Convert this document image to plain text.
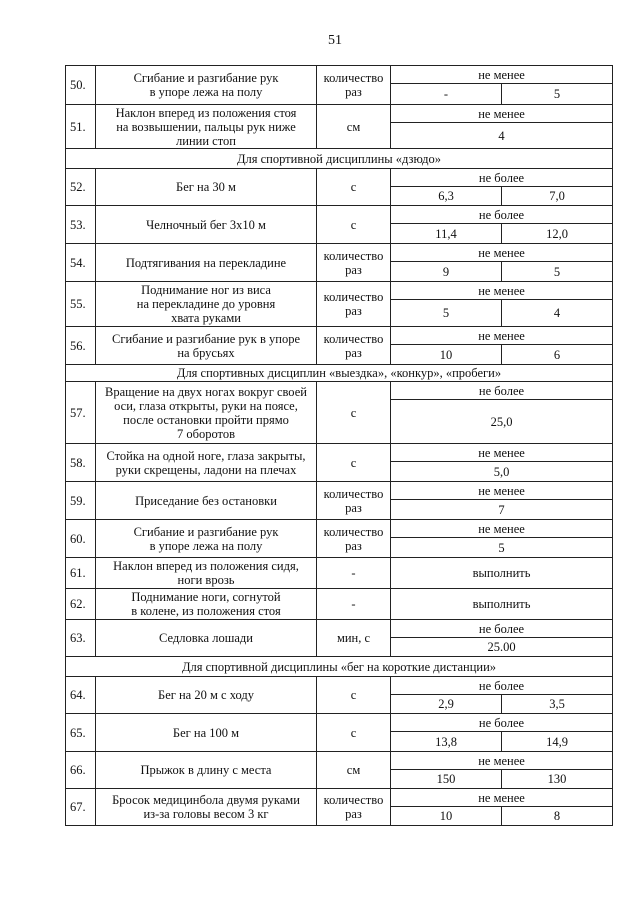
51
50.	Сгибание и разгибание рук
в упоре лежа на полу	количество
раз	не менее	
			-	5
51.	Наклон вперед из положения стоя
на возвышении, пальцы рук ниже
линии стоп	см	не менее	
			4	
Для спортивной дисциплины «дзюдо»				
52.	Бег на 30 м	с	не более	
			6,3	7,0
53.	Челночный бег 3x10 м	с	не более	
			11,4	12,0
54.	Подтягивания на перекладине	количество
раз	не менее	
			9	5
55.	Поднимание ног из виса
на перекладине до уровня
хвата руками	количество
раз	не менее	
			5	4
56.	Сгибание и разгибание рук в упоре
на брусьях	количество
раз	не менее	
			10	6
Для спортивных дисциплин «выездка», «конкур», «пробеги»				
57.	Вращение на двух ногах вокруг своей
оси, глаза открыты, руки на поясе,
после остановки пройти прямо
7 оборотов	с	не более	
			25,0	
58.	Стойка на одной ноге, глаза закрыты,
руки скрещены, ладони на плечах	с	не менее	
			5,0	
59.	Приседание без остановки	количество
раз	не менее	
			7	
60.	Сгибание и разгибание рук
в упоре лежа на полу	количество
раз	не менее	
			5	
61.	Наклон вперед из положения сидя,
ноги врозь	-	выполнить	
62.	Поднимание ноги, согнутой
в колене, из положения стоя	-	выполнить	
63.	Седловка лошади	мин, с	не более	
			25.00	
Для спортивной дисциплины «бег на короткие дистанции»				
64.	Бег на 20 м с ходу	с	не более	
			2,9	3,5
65.	Бег на 100 м	с	не более	
			13,8	14,9
66.	Прыжок в длину с места	см	не менее	
			150	130
67.	Бросок медицинбола двумя руками
из-за головы весом 3 кг	количество
раз	не менее	
			10	8
